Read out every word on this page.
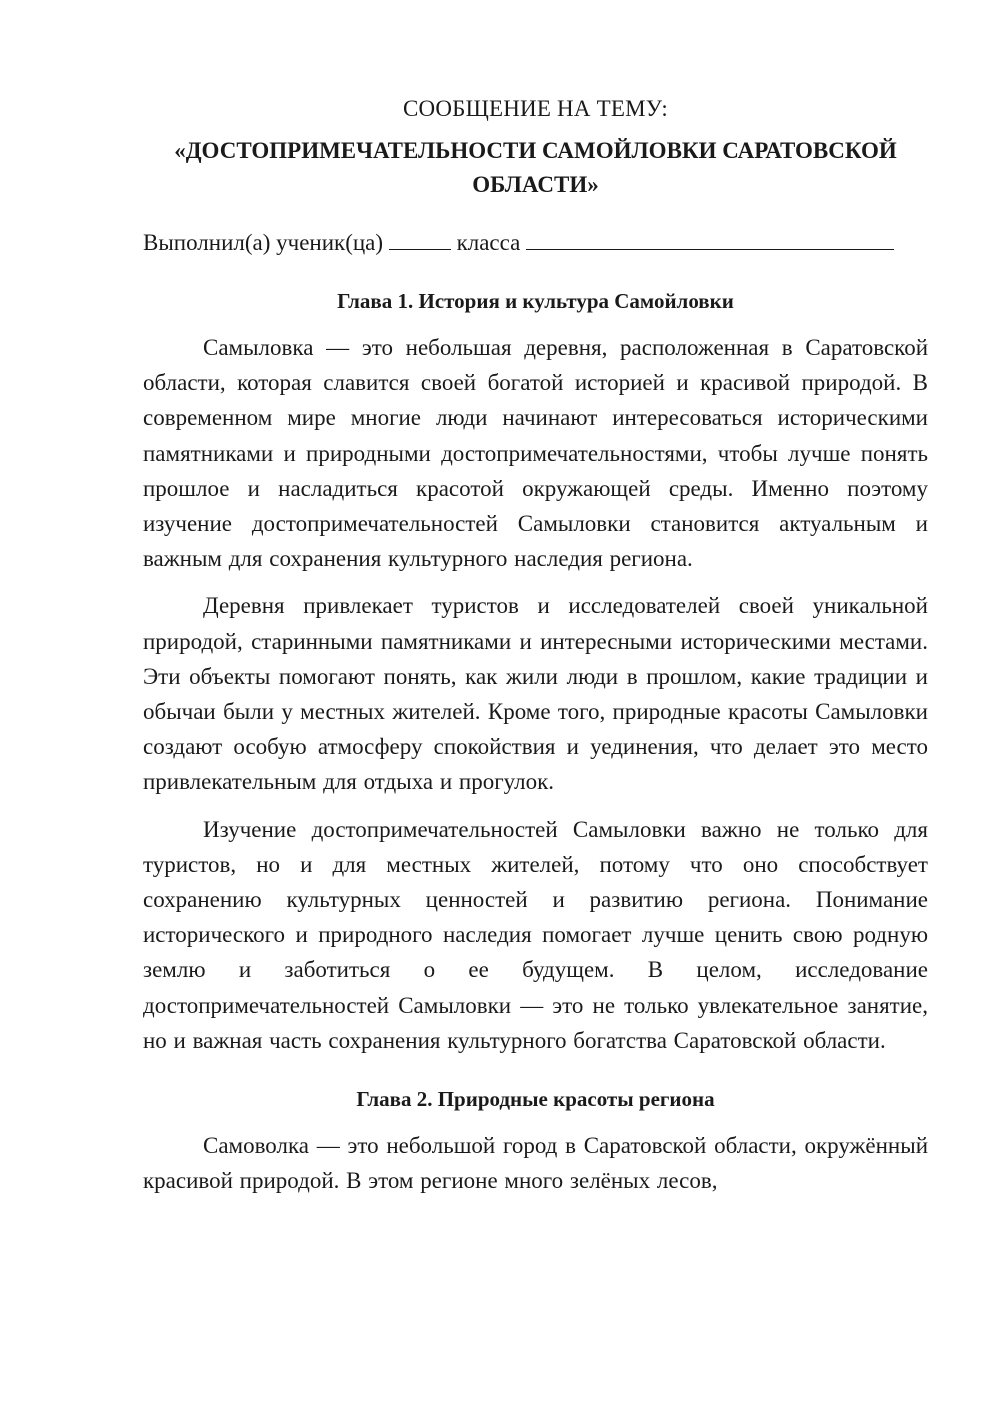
СООБЩЕНИЕ НА ТЕМУ:
«ДОСТОПРИМЕЧАТЕЛЬНОСТИ САМОЙЛОВКИ САРАТОВСКОЙ ОБЛАСТИ»
Выполнил(а) ученик(ца)	класса
Глава 1. История и культура Самойловки

Самыловка — это небольшая деревня, расположенная в Саратовской области, которая славится своей богатой историей и красивой природой. В современном мире многие люди начинают интересоваться историческими памятниками и природными достопримечательностями, чтобы лучше понять прошлое и насладиться красотой окружающей среды. Именно поэтому изучение достопримечательностей Самыловки становится актуальным и важным для сохранения культурного наследия региона.

Деревня привлекает туристов и исследователей своей уникальной природой, старинными памятниками и интересными историческими местами. Эти объекты помогают понять, как жили люди в прошлом, какие традиции и обычаи были у местных жителей. Кроме того, природные красоты Самыловки создают особую атмосферу спокойствия и уединения, что делает это место привлекательным для отдыха и прогулок.

Изучение достопримечательностей Самыловки важно не только для туристов, но и для местных жителей, потому что оно способствует сохранению культурных ценностей и развитию региона. Понимание исторического и природного наследия помогает лучше ценить свою родную землю и заботиться о ее будущем. В целом, исследование достопримечательностей Самыловки — это не только увлекательное занятие, но и важная часть сохранения культурного богатства Саратовской области.

Глава 2. Природные красоты региона

Самоволка — это небольшой город в Саратовской области, окружённый красивой природой. В этом регионе много зелёных лесов,
